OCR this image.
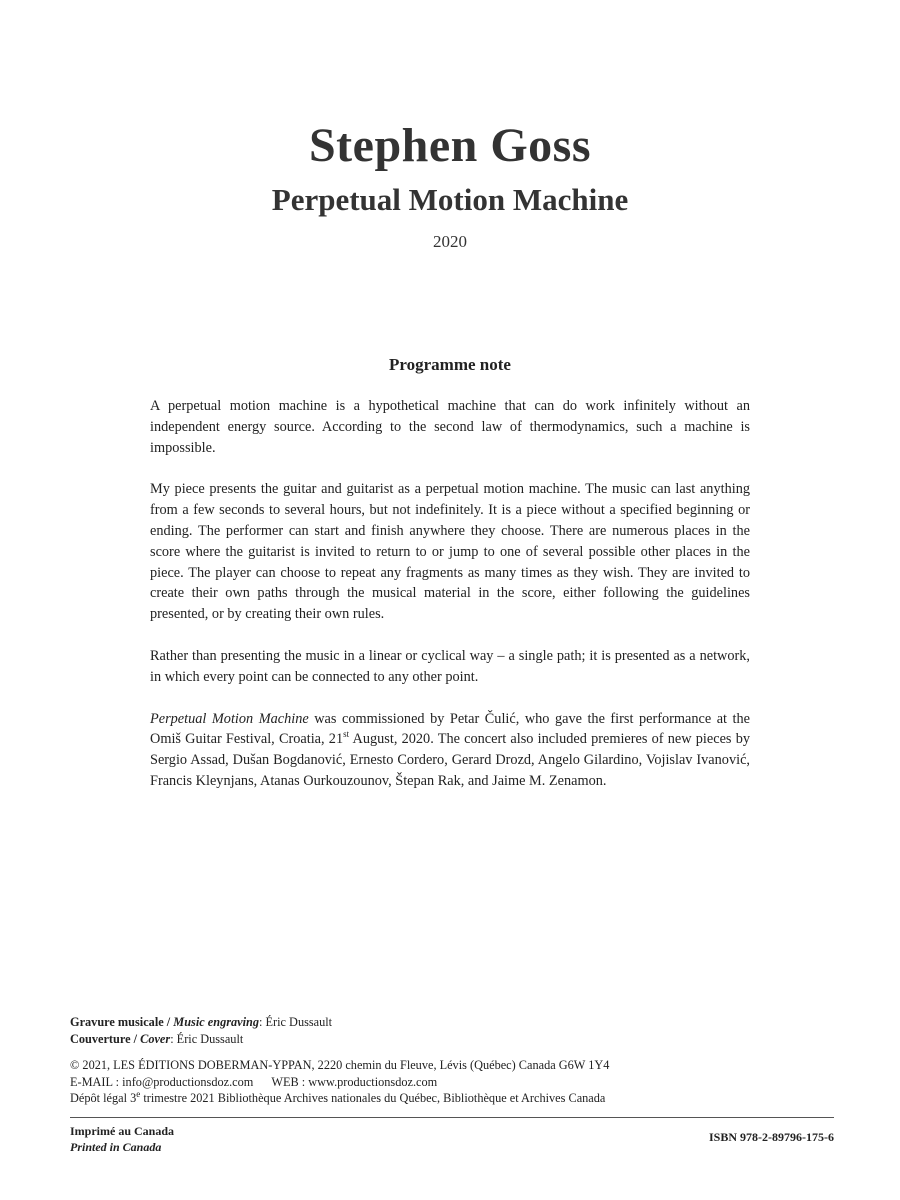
Stephen Goss
Perpetual Motion Machine
2020
Programme note

A perpetual motion machine is a hypothetical machine that can do work infinitely without an independent energy source. According to the second law of thermodynamics, such a machine is impossible.

My piece presents the guitar and guitarist as a perpetual motion machine. The music can last anything from a few seconds to several hours, but not indefinitely. It is a piece without a specified beginning or ending. The performer can start and finish anywhere they choose. There are numerous places in the score where the guitarist is invited to return to or jump to one of several possible other places in the piece. The player can choose to repeat any fragments as many times as they wish. They are invited to create their own paths through the musical material in the score, either following the guidelines presented, or by creating their own rules.

Rather than presenting the music in a linear or cyclical way – a single path; it is presented as a network, in which every point can be connected to any other point.

Perpetual Motion Machine was commissioned by Petar Čulić, who gave the first performance at the Omiš Guitar Festival, Croatia, 21st August, 2020. The concert also included premieres of new pieces by Sergio Assad, Dušan Bogdanović, Ernesto Cordero, Gerard Drozd, Angelo Gilardino, Vojislav Ivanović, Francis Kleynjans, Atanas Ourkouzounov, Štepan Rak, and Jaime M. Zenamon.

Gravure musicale / Music engraving: Éric Dussault
Couverture / Cover: Éric Dussault
© 2021, LES ÉDITIONS DOBERMAN-YPPAN, 2220 chemin du Fleuve, Lévis (Québec) Canada G6W 1Y4
E-MAIL : info@productionsdoz.com WEB : www.productionsdoz.com
Dépôt légal 3e trimestre 2021 Bibliothèque Archives nationales du Québec, Bibliothèque et Archives Canada
Imprimé au Canada
Printed in Canada
ISBN 978-2-89796-175-6
